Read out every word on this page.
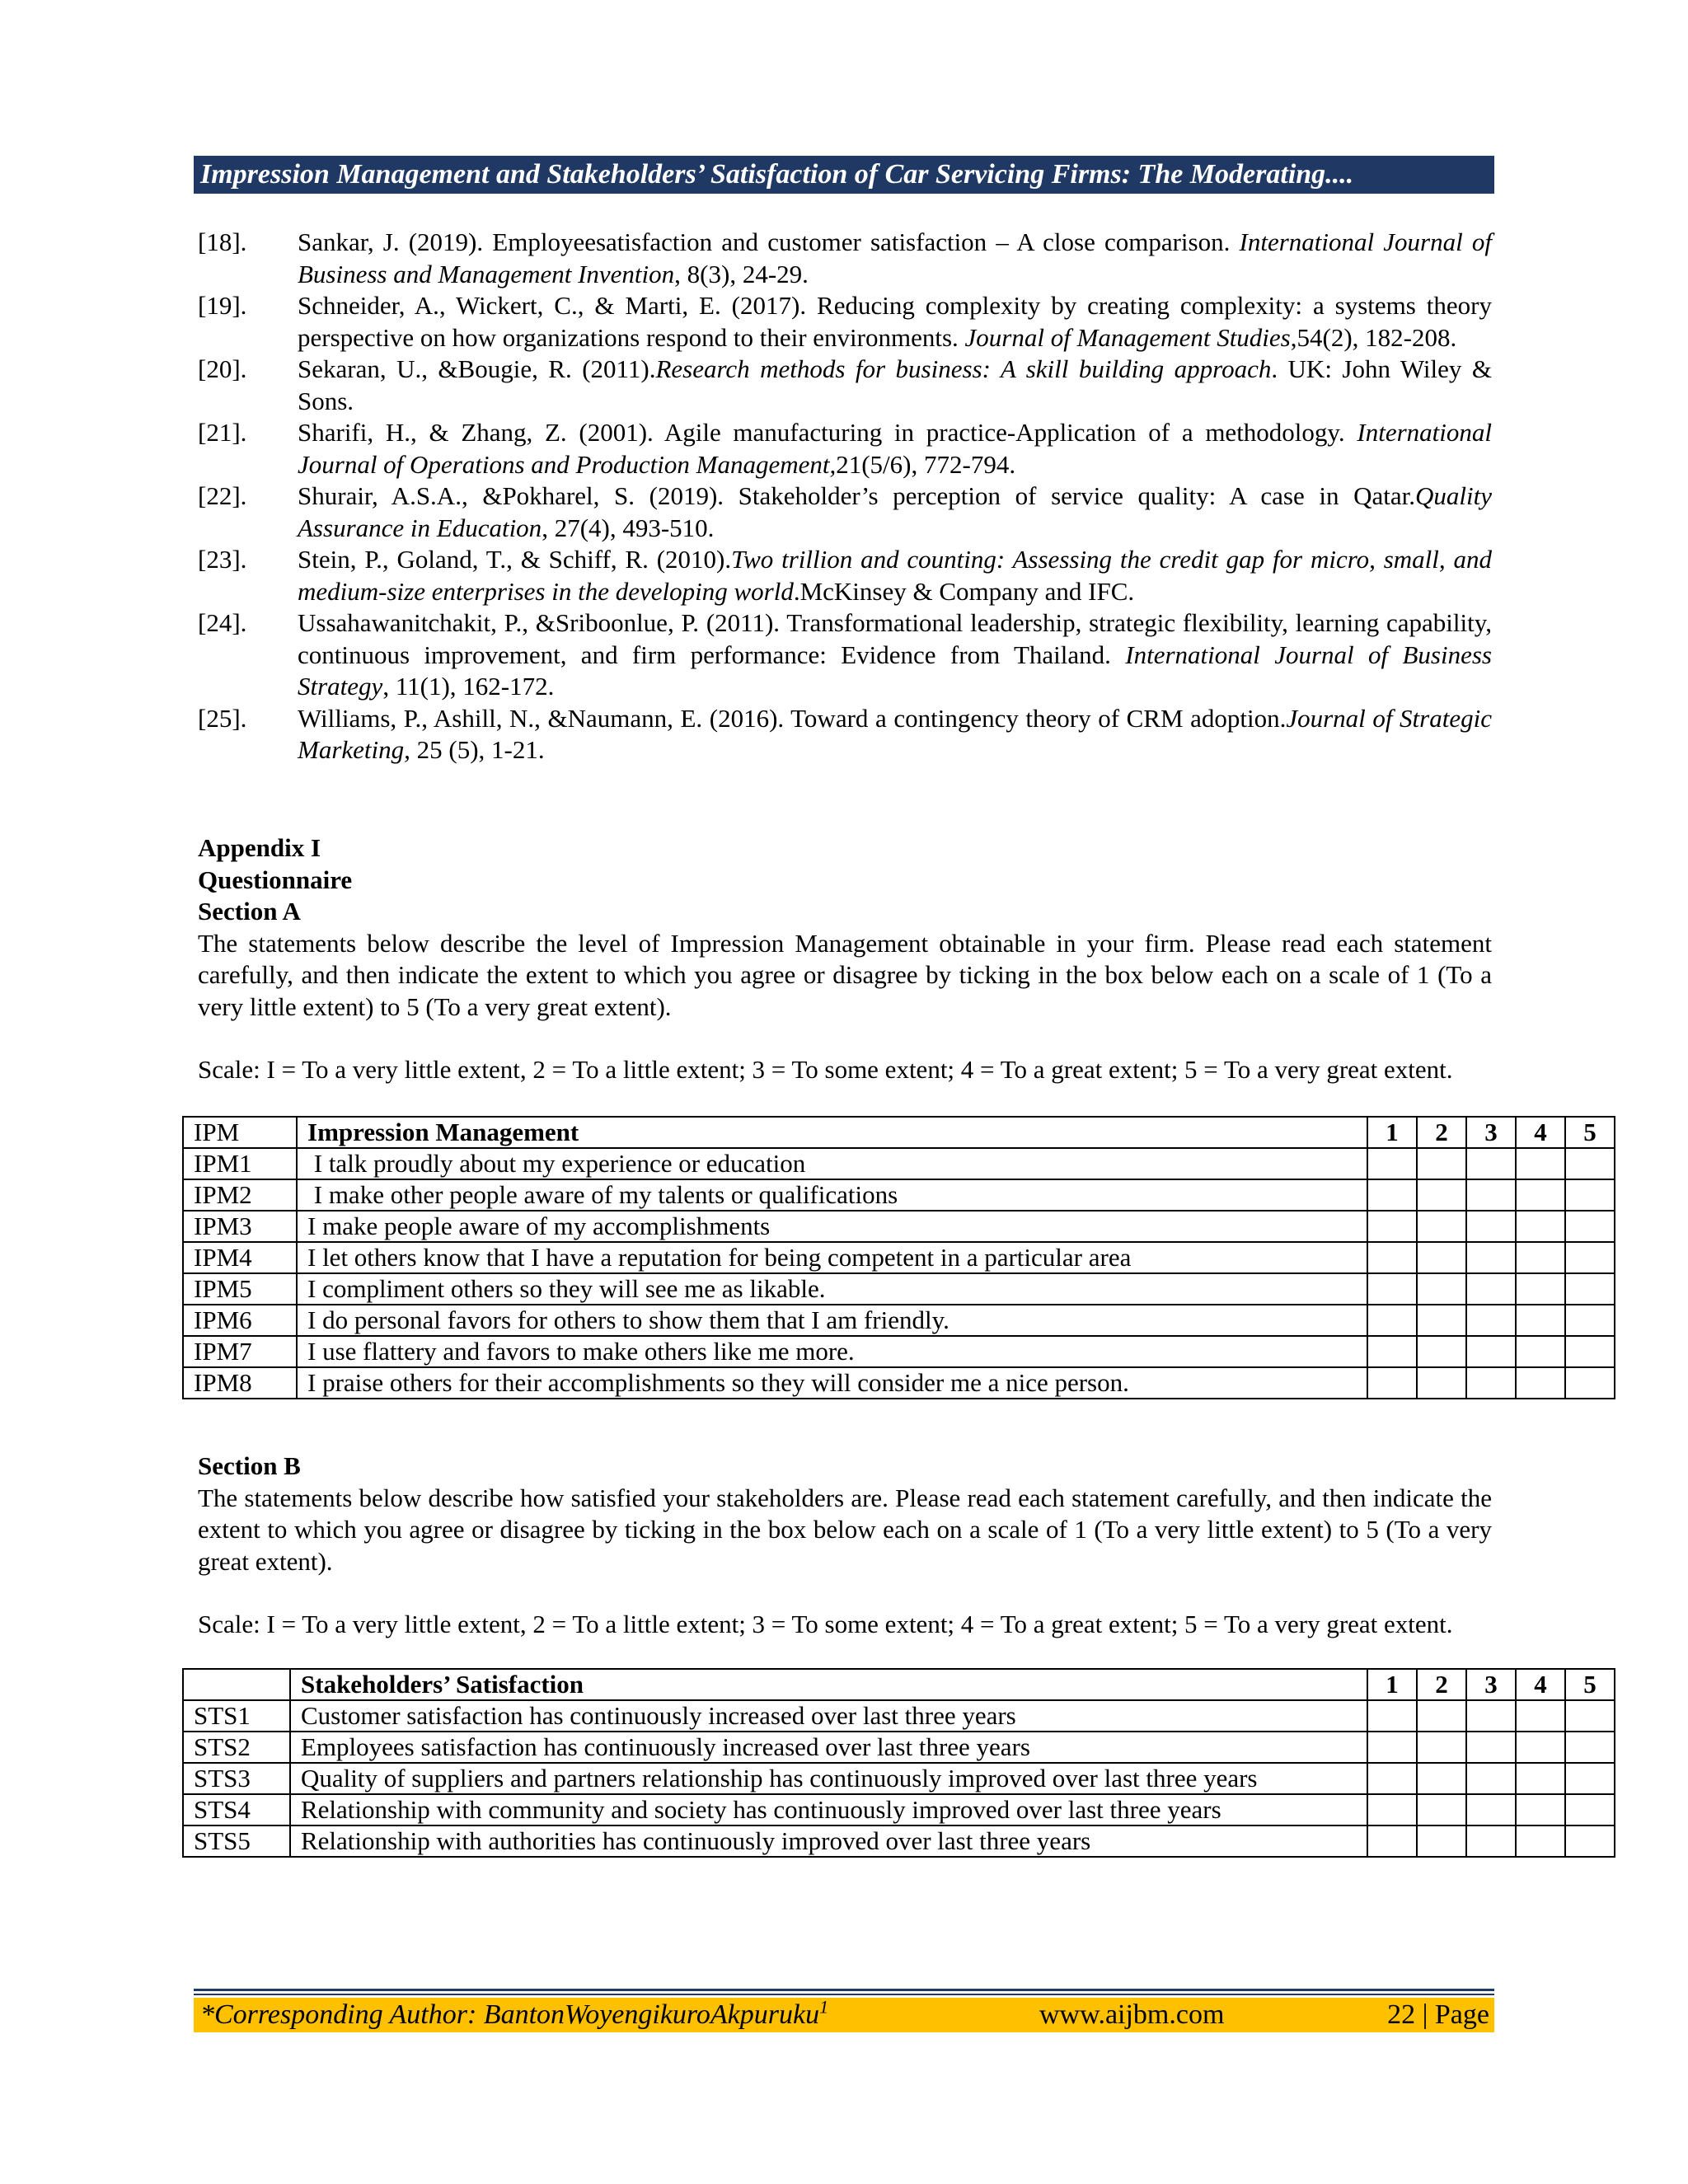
Impression Management and Stakeholders’ Satisfaction of Car Servicing Firms: The Moderating....
[18].	Sankar, J. (2019). Employeesatisfaction and customer satisfaction – A close comparison. International Journal of Business and Management Invention, 8(3), 24-29.
[19].	Schneider, A., Wickert, C., & Marti, E. (2017). Reducing complexity by creating complexity: a systems theory perspective on how organizations respond to their environments. Journal of Management Studies,54(2), 182-208.
[20].	Sekaran, U., &Bougie, R. (2011).Research methods for business: A skill building approach. UK: John Wiley & Sons.
[21].	Sharifi, H., & Zhang, Z. (2001). Agile manufacturing in practice-Application of a methodology. International Journal of Operations and Production Management,21(5/6), 772-794.
[22].	Shurair, A.S.A., &Pokharel, S. (2019). Stakeholder’s perception of service quality: A case in Qatar.Quality Assurance in Education, 27(4), 493-510.
[23].	Stein, P., Goland, T., & Schiff, R. (2010).Two trillion and counting: Assessing the credit gap for micro, small, and medium-size enterprises in the developing world.McKinsey & Company and IFC.
[24].	Ussahawanitchakit, P., &Sriboonlue, P. (2011). Transformational leadership, strategic flexibility, learning capability, continuous improvement, and firm performance: Evidence from Thailand. International Journal of Business Strategy, 11(1), 162-172.
[25].	Williams, P., Ashill, N., &Naumann, E. (2016). Toward a contingency theory of CRM adoption.Journal of Strategic Marketing, 25 (5), 1-21.
Appendix I
Questionnaire
Section A

The statements below describe the level of Impression Management obtainable in your firm. Please read each statement carefully, and then indicate the extent to which you agree or disagree by ticking in the box below each on a scale of 1 (To a very little extent) to 5 (To a very great extent).

Scale: I = To a very little extent, 2 = To a little extent; 3 = To some extent; 4 = To a great extent; 5 = To a very great extent.

IPM	Impression Management	1	2	3	4	5
IPM1	I talk proudly about my experience or education					
IPM2	I make other people aware of my talents or qualifications					
IPM3	I make people aware of my accomplishments					
IPM4	I let others know that I have a reputation for being competent in a particular area					
IPM5	I compliment others so they will see me as likable.					
IPM6	I do personal favors for others to show them that I am friendly.					
IPM7	I use flattery and favors to make others like me more.					
IPM8	I praise others for their accomplishments so they will consider me a nice person.					
Section B

The statements below describe how satisfied your stakeholders are. Please read each statement carefully, and then indicate the extent to which you agree or disagree by ticking in the box below each on a scale of 1 (To a very little extent) to 5 (To a very great extent).

Scale: I = To a very little extent, 2 = To a little extent; 3 = To some extent; 4 = To a great extent; 5 = To a very great extent.

	Stakeholders’ Satisfaction	1	2	3	4	5
STS1	Customer satisfaction has continuously increased over last three years					
STS2	Employees satisfaction has continuously increased over last three years					
STS3	Quality of suppliers and partners relationship has continuously improved over last three years					
STS4	Relationship with community and society has continuously improved over last three years					
STS5	Relationship with authorities has continuously improved over last three years					
*Corresponding Author: BantonWoyengikuroAkpuruku$^1$	www.aijbm.com	22 | Page
